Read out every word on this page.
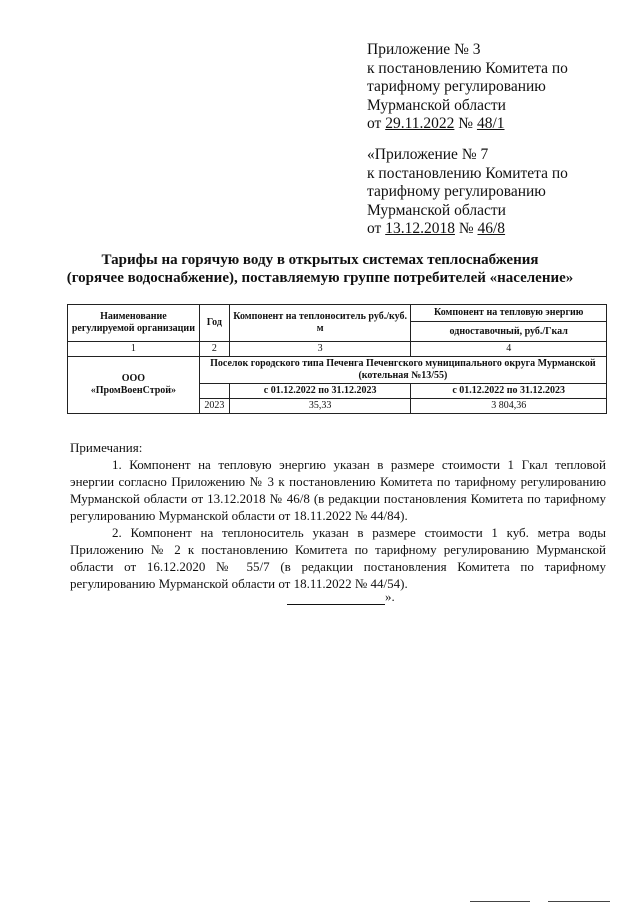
Приложение № 3
к постановлению Комитета по
тарифному регулированию
Мурманской области
от 29.11.2022 № 48/1
«Приложение № 7
к постановлению Комитета по
тарифному регулированию
Мурманской области
от 13.12.2018 № 46/8
Тарифы на горячую воду в открытых системах теплоснабжения
(горячее водоснабжение), поставляемую группе потребителей «население»
Наименование регулируемой организации	Год	Компонент на теплоноситель руб./куб. м	Компонент на тепловую энергию
			одноставочный, руб./Гкал
1	2	3	4

ООО
«ПромВоенСтрой»	Поселок городского типа Печенга Печенгского муниципального округа Мурманской (котельная №13/55)		
		с 01.12.2022 по 31.12.2023	с 01.12.2022 по 31.12.2023
	2023	35,33	3 804,36

Примечания:

1. Компонент на тепловую энергию указан в размере стоимости 1 Гкал тепловой энергии согласно Приложению № 3 к постановлению Комитета по тарифному регулированию Мурманской области от 13.12.2018 № 46/8 (в редакции постановления Комитета по тарифному регулированию Мурманской области от 18.11.2022 № 44/84).

2. Компонент на теплоноситель указан в размере стоимости 1 куб. метра воды Приложению № 2 к постановлению Комитета по тарифному регулированию Мурманской области от 16.12.2020 № 55/7 (в редакции постановления Комитета по тарифному регулированию Мурманской области от 18.11.2022 № 44/54).

».
